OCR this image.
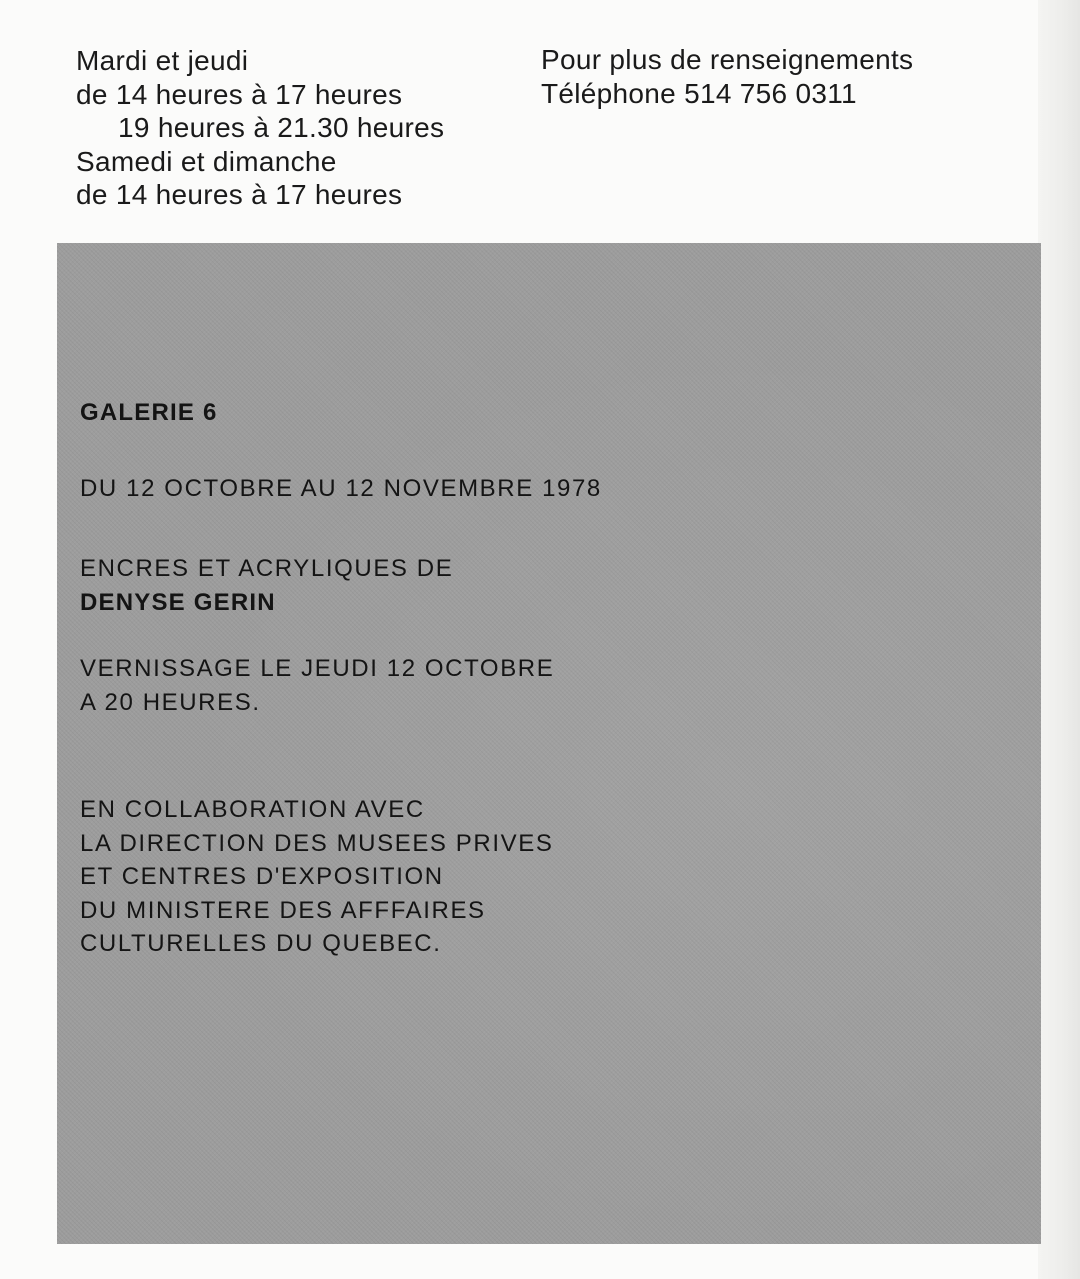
Mardi et jeudi
de 14 heures à 17 heures
19 heures à 21.30 heures
Samedi et dimanche
de 14 heures à 17 heures
Pour plus de renseignements
Téléphone 514 756 0311
GALERIE 6
DU 12 OCTOBRE AU 12 NOVEMBRE 1978
ENCRES ET ACRYLIQUES DE
DENYSE GERIN
VERNISSAGE LE JEUDI 12 OCTOBRE
A 20 HEURES.
EN COLLABORATION AVEC
LA DIRECTION DES MUSEES PRIVES
ET CENTRES D'EXPOSITION
DU MINISTERE DES AFFFAIRES
CULTURELLES DU QUEBEC.
